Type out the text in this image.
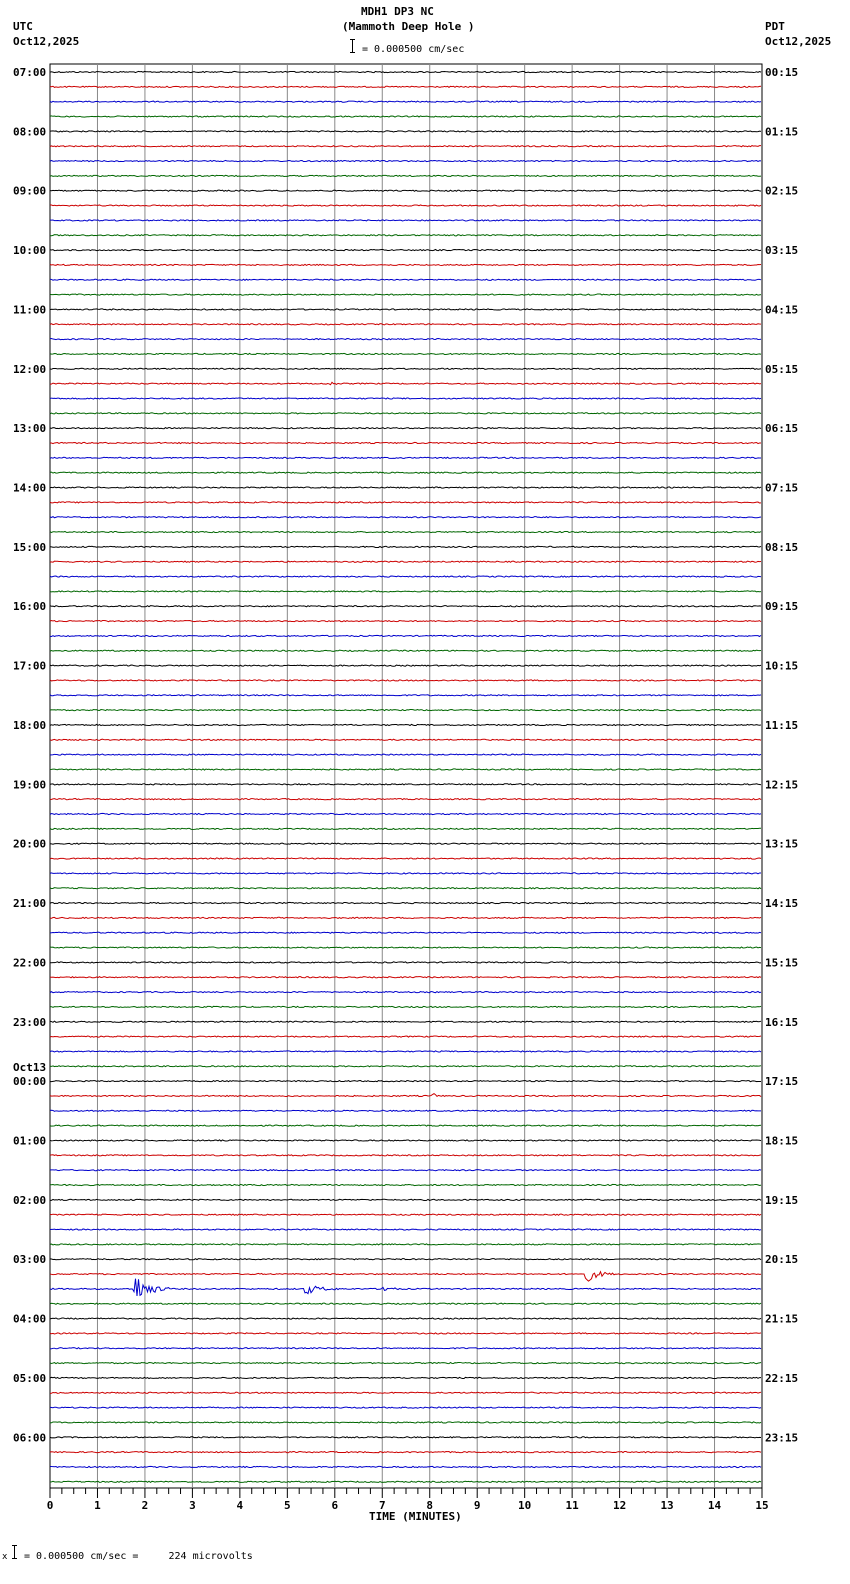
MDH1 DP3 NC
(Mammoth Deep Hole )
= 0.000500 cm/sec
UTC
Oct12,2025
PDT
Oct12,2025
07:00	00:15
08:00	01:15
09:00	02:15
10:00	03:15
11:00	04:15
12:00	05:15
13:00	06:15
14:00	07:15
15:00	08:15
16:00	09:15
17:00	10:15
18:00	11:15
19:00	12:15
20:00	13:15
21:00	14:15
22:00	15:15
23:00	16:15
00:00	17:15
Oct13
01:00	18:15
02:00	19:15
03:00	20:15
04:00	21:15
05:00	22:15
06:00	23:15
0	1	2	3	4	5	6	7	8	9	10	11	12	13	14	15
TIME (MINUTES)
x = 0.000500 cm/sec =     224 microvolts
